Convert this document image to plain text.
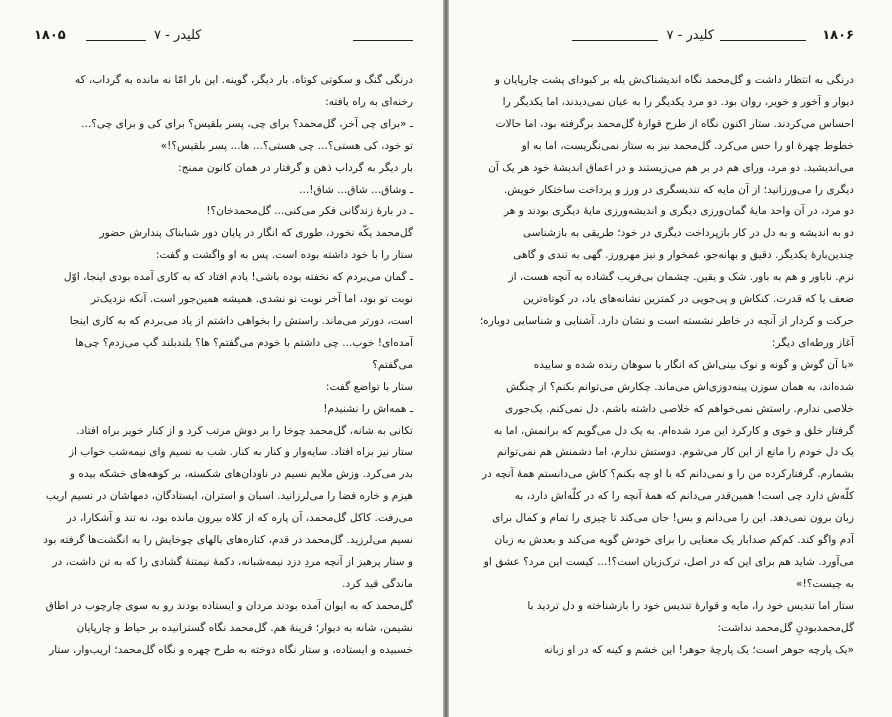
۱۸۰۵	کلیدر - ۷

درنگی گنگ و سکوتی کوتاه. بار دیگر، گوینه. این بار امّا نه مانده به گرداب، که

رخنه‌ای به راه یافته:

ـ «برای چی آخر، گل‌محمد؟ برای چی، پسر بلقیس؟ برای کی و برای چی؟...

تو خود، کی هستی؟... چی هستی؟... ها... پسر بلقیس؟!»

بار دیگر به گرداب ذهن و گرفتار در همان کانون ممنج:

ـ وشاق... شاق... شاق!...

ـ در بارهٔ زندگانی فکر می‌کنی... گل‌محمدخان؟!

گل‌محمد یکّه نخورد، طوری که انگار در پایان دور شبابناک پندارش حضور

ستار را با خود داشته بوده است. پس به او واگشت و گفت:

ـ گمان می‌بردم که نخفته بوده باشی! یادم افتاد که به کاری آمده بودی اینجا، اوّل

نوبت تو بود، اما آخر نوبت نو نشدی. همیشه همین‌جور است. آنکه نزدیک‌تر

است، دورتر می‌ماند. راستش را بخواهی داشتم از یاد می‌بردم که به کاری اینجا

آمده‌ای! خوب... چی داشتم با خودم می‌گفتم؟ ها؟ بلندبلند گپ می‌زدم؟ چی‌ها

می‌گفتم؟

ستار با تواضع گفت:

ـ همه‌اش را نشنیدم!

تکانی به شانه، گل‌محمد چوخا را بر دوش مرتب کرد و از کنار خویر براه افتاد.

ستار نیز براه افتاد. سایه‌وار و کنار به کنار. شب به نسیم وای نیمه‌شب خواب از

بدر می‌کرد. وزش ملایم نسیم در ناودان‌های شکسته، بر کوهه‌های خشکه بیده و

هیزم و خاره فضا را می‌لرزانید. اسبان و استران، ایستادگان، دمهاشان در نسیم اریب

می‌رفت. کاکل گل‌محمد، آن پاره که از کلاه بیرون مانده بود، نه تند و آشکارا، در

نسیم می‌لرزید. گل‌محمد در قدم، کناره‌های بالهای چوخایش را به انگشت‌ها گرفته بود

و ستار پرهیز از آنچه مردِ دزد نیمه‌شبانه، دکمهٔ نیمتنهٔ گشادی را که به تن داشت، در

ماندگی قید کرد.

گل‌محمد که به ایوان آمده بودند مردان و ایستاده بودند رو به سوی چارچوب در اطاق

نشیمن، شانه به دیوار؛ قرینهٔ هم. گل‌محمد نگاه گسترانیده بر حیاط و چارپایان

خسبیده و ایستاده، و ستار نگاه دوخته به طرح چهره و نگاه گل‌محمد؛ اریب‌وار، ستار

۱۸۰۶
کلیدر - ۷

درنگی به انتظار داشت و گل‌محمد نگاه اندیشناک‌ش یله بر کبودای پشت چارپایان و

دیوار و آخور و خویر، روان بود. دو مرد یکدیگر را به عیان نمی‌دیدند، اما یکدیگر را

احساس می‌کردند. ستار اکنون نگاه از طرح قوارهٔ گل‌محمد برگرفته بود، اما حالات

خطوط چهرهٔ او را حس می‌کرد. گل‌محمد نیز به ستار نمی‌نگریست، اما به او

می‌اندیشید. دو مرد، ورای هم در بر هم می‌زیستند و در اعماق اندیشهٔ خود هر یک آن

دیگری را می‌ورزانید؛ از آن مایه که تندیسگری در ورز و پرداخت ساختکار خویش.

دو مرد، در آن واحد مایهٔ گمان‌ورزی دیگری و اندیشه‌ورزی مایهٔ دیگری بودند و هر

دو به اندیشه و به دل در کار بازپرداخت دیگری در خود؛ طریقی به بازشناسی

چندین‌بارهٔ یکدیگر. دقیق و بهانه‌جو، غمخوار و نیز مهرورز. گهی به تندی و گاهی

نرم. ناباور و هم به باور. شک و یقین. چشمان بی‌فریب گشاده به آنچه هست، از

ضعف یا که قدرت. کنکاش و پی‌جویی در کمترین نشانه‌های یاد، در کوتاه‌ترین

حرکت و کردار از آنچه در خاطر نشسته است و نشان دارد. آشنایی و شناسایی دوباره؛

آغاز ورطه‌ای دیگر:

«با آن گوش و گونه و نوک بینی‌اش که انگار با سوهان رنده شده و ساییده

شده‌اند، به همان سوزن پینه‌دوزی‌اش می‌ماند. چکارش می‌توانم بکنم؟ از چنگش

خلاصی ندارم. راستش نمی‌خواهم که خلاصی داشته باشم. دل نمی‌کنم. یک‌جوری

گرفتار خلق و خوی و کارکرد این مرد شده‌ام. به یک دل می‌گویم که برانمش، اما به

یک دل خودم را مانع از این کار می‌شوم. دوستش ندارم، اما دشمنش هم نمی‌توانم

بشمارم. گرفتارکرده من را و نمی‌دانم که با او چه بکنم؟ کاش می‌دانستم همهٔ آنچه در

کلّه‌ش دارد چی است! همین‌قدر می‌دانم که همهٔ آنچه را که در کلّه‌اش دارد، به

زبان برون نمی‌دهد. این را می‌دانم و بس! جان می‌کند تا چیزی را تمام و کمال برای

آدم واگو کند. کم‌کم صدابار یک معنایی را برای خودش گویه می‌کند و بعدش به زبان

می‌آورد. شاید هم برای این که در اصل، ترک‌زبان است؟!... کیست این مرد؟ عشق او

به چیست؟!»

ستار اما تندیس خود را، مایه و قوارهٔ تندیس خود را بازشناخته و دل تردید با

گل‌محمدبودنِ گل‌محمد نداشت:

«یک پارچه جوهر است؛ یک پارچهٔ جوهر! این خشم و کینه که در او زبانه
